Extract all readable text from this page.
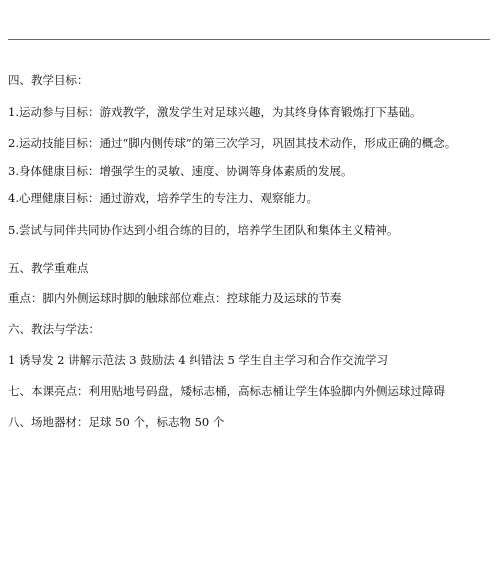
四、教学目标：
1.运动参与目标：游戏教学，激发学生对足球兴趣，为其终身体育锻炼打下基础。
2.运动技能目标：通过“脚内侧传球”的第三次学习，巩固其技术动作，形成正确的概念。
3.身体健康目标：增强学生的灵敏、速度、协调等身体素质的发展。
4.心理健康目标：通过游戏，培养学生的专注力、观察能力。
5.尝试与同伴共同协作达到小组合练的目的，培养学生团队和集体主义精神。
五、教学重难点
重点：脚内外侧运球时脚的触球部位难点：控球能力及运球的节奏
六、教法与学法：
1 诱导发 2 讲解示范法 3 鼓励法 4 纠错法 5 学生自主学习和合作交流学习
七、本课亮点：利用贴地号码盘，矮标志桶，高标志桶让学生体验脚内外侧运球过障碍
八、场地器材：足球 50 个，标志物 50 个
